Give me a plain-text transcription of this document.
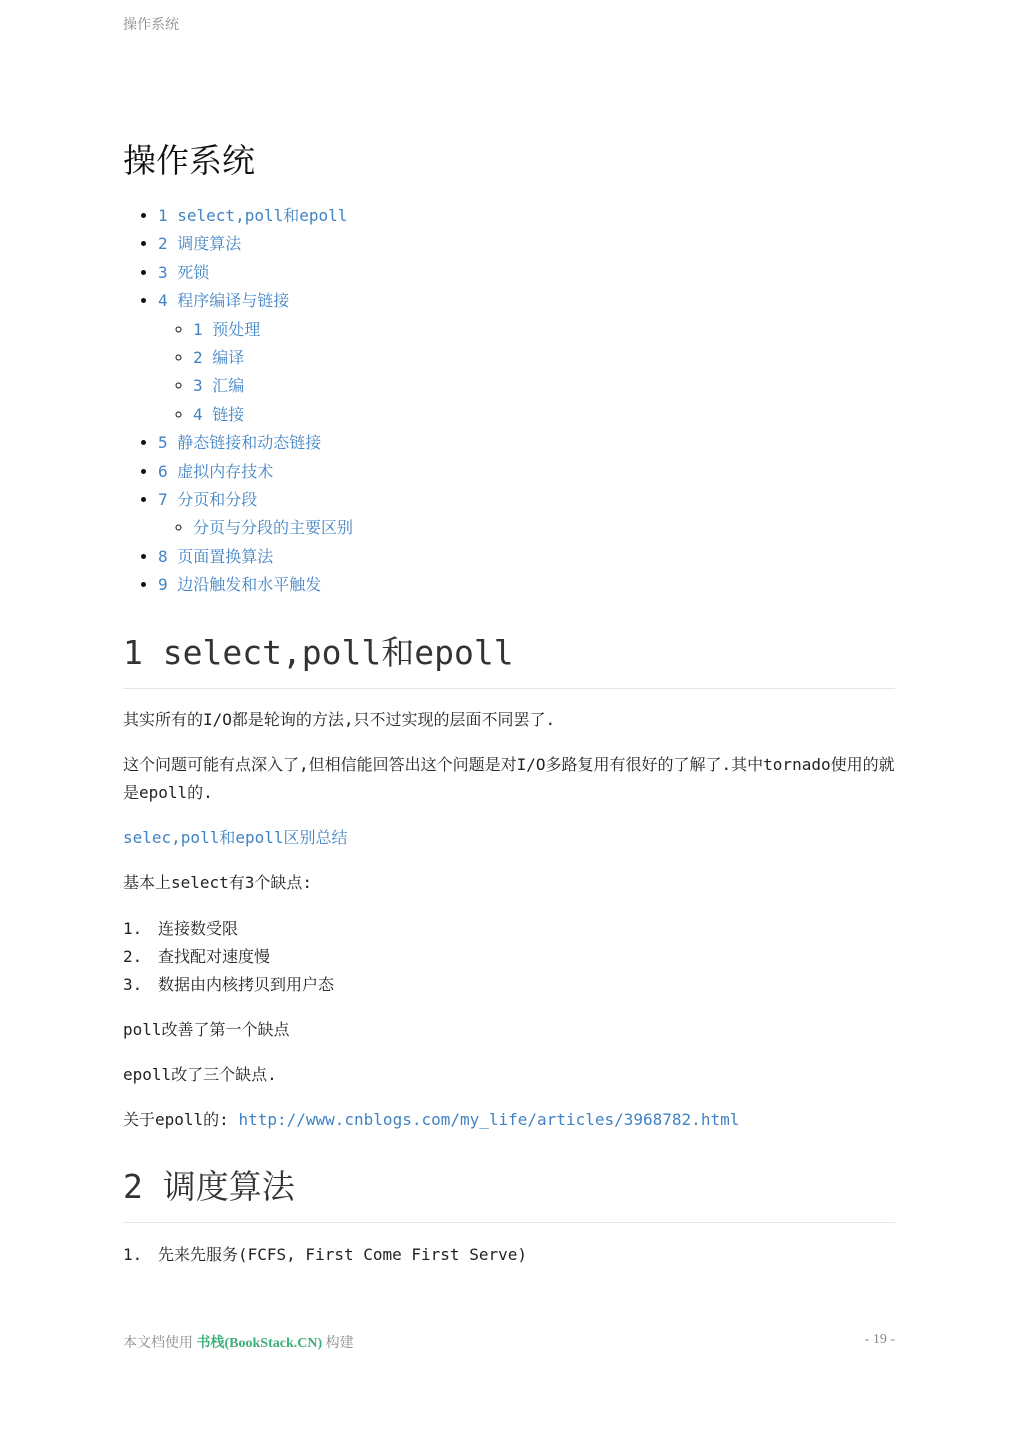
操作系统
操作系统
• 1 select,poll和epoll
• 2 调度算法
• 3 死锁
• 4 程序编译与链接
◦ 1 预处理
◦ 2 编译
◦ 3 汇编
◦ 4 链接
• 5 静态链接和动态链接
• 6 虚拟内存技术
• 7 分页和分段
◦ 分页与分段的主要区别
• 8 页面置换算法
• 9 边沿触发和水平触发
1 select,poll和epoll

其实所有的I/O都是轮询的方法,只不过实现的层面不同罢了.

这个问题可能有点深入了,但相信能回答出这个问题是对I/O多路复用有很好的了解了.其中tornado使用的就是epoll的.

selec,poll和epoll区别总结

基本上select有3个缺点:

1. 连接数受限
2. 查找配对速度慢
3. 数据由内核拷贝到用户态

poll改善了第一个缺点

epoll改了三个缺点.

关于epoll的: http://www.cnblogs.com/my_life/articles/3968782.html

2 调度算法
1. 先来先服务(FCFS, First Come First Serve)
本文档使用 书栈(BookStack.CN) 构建	- 19 -
